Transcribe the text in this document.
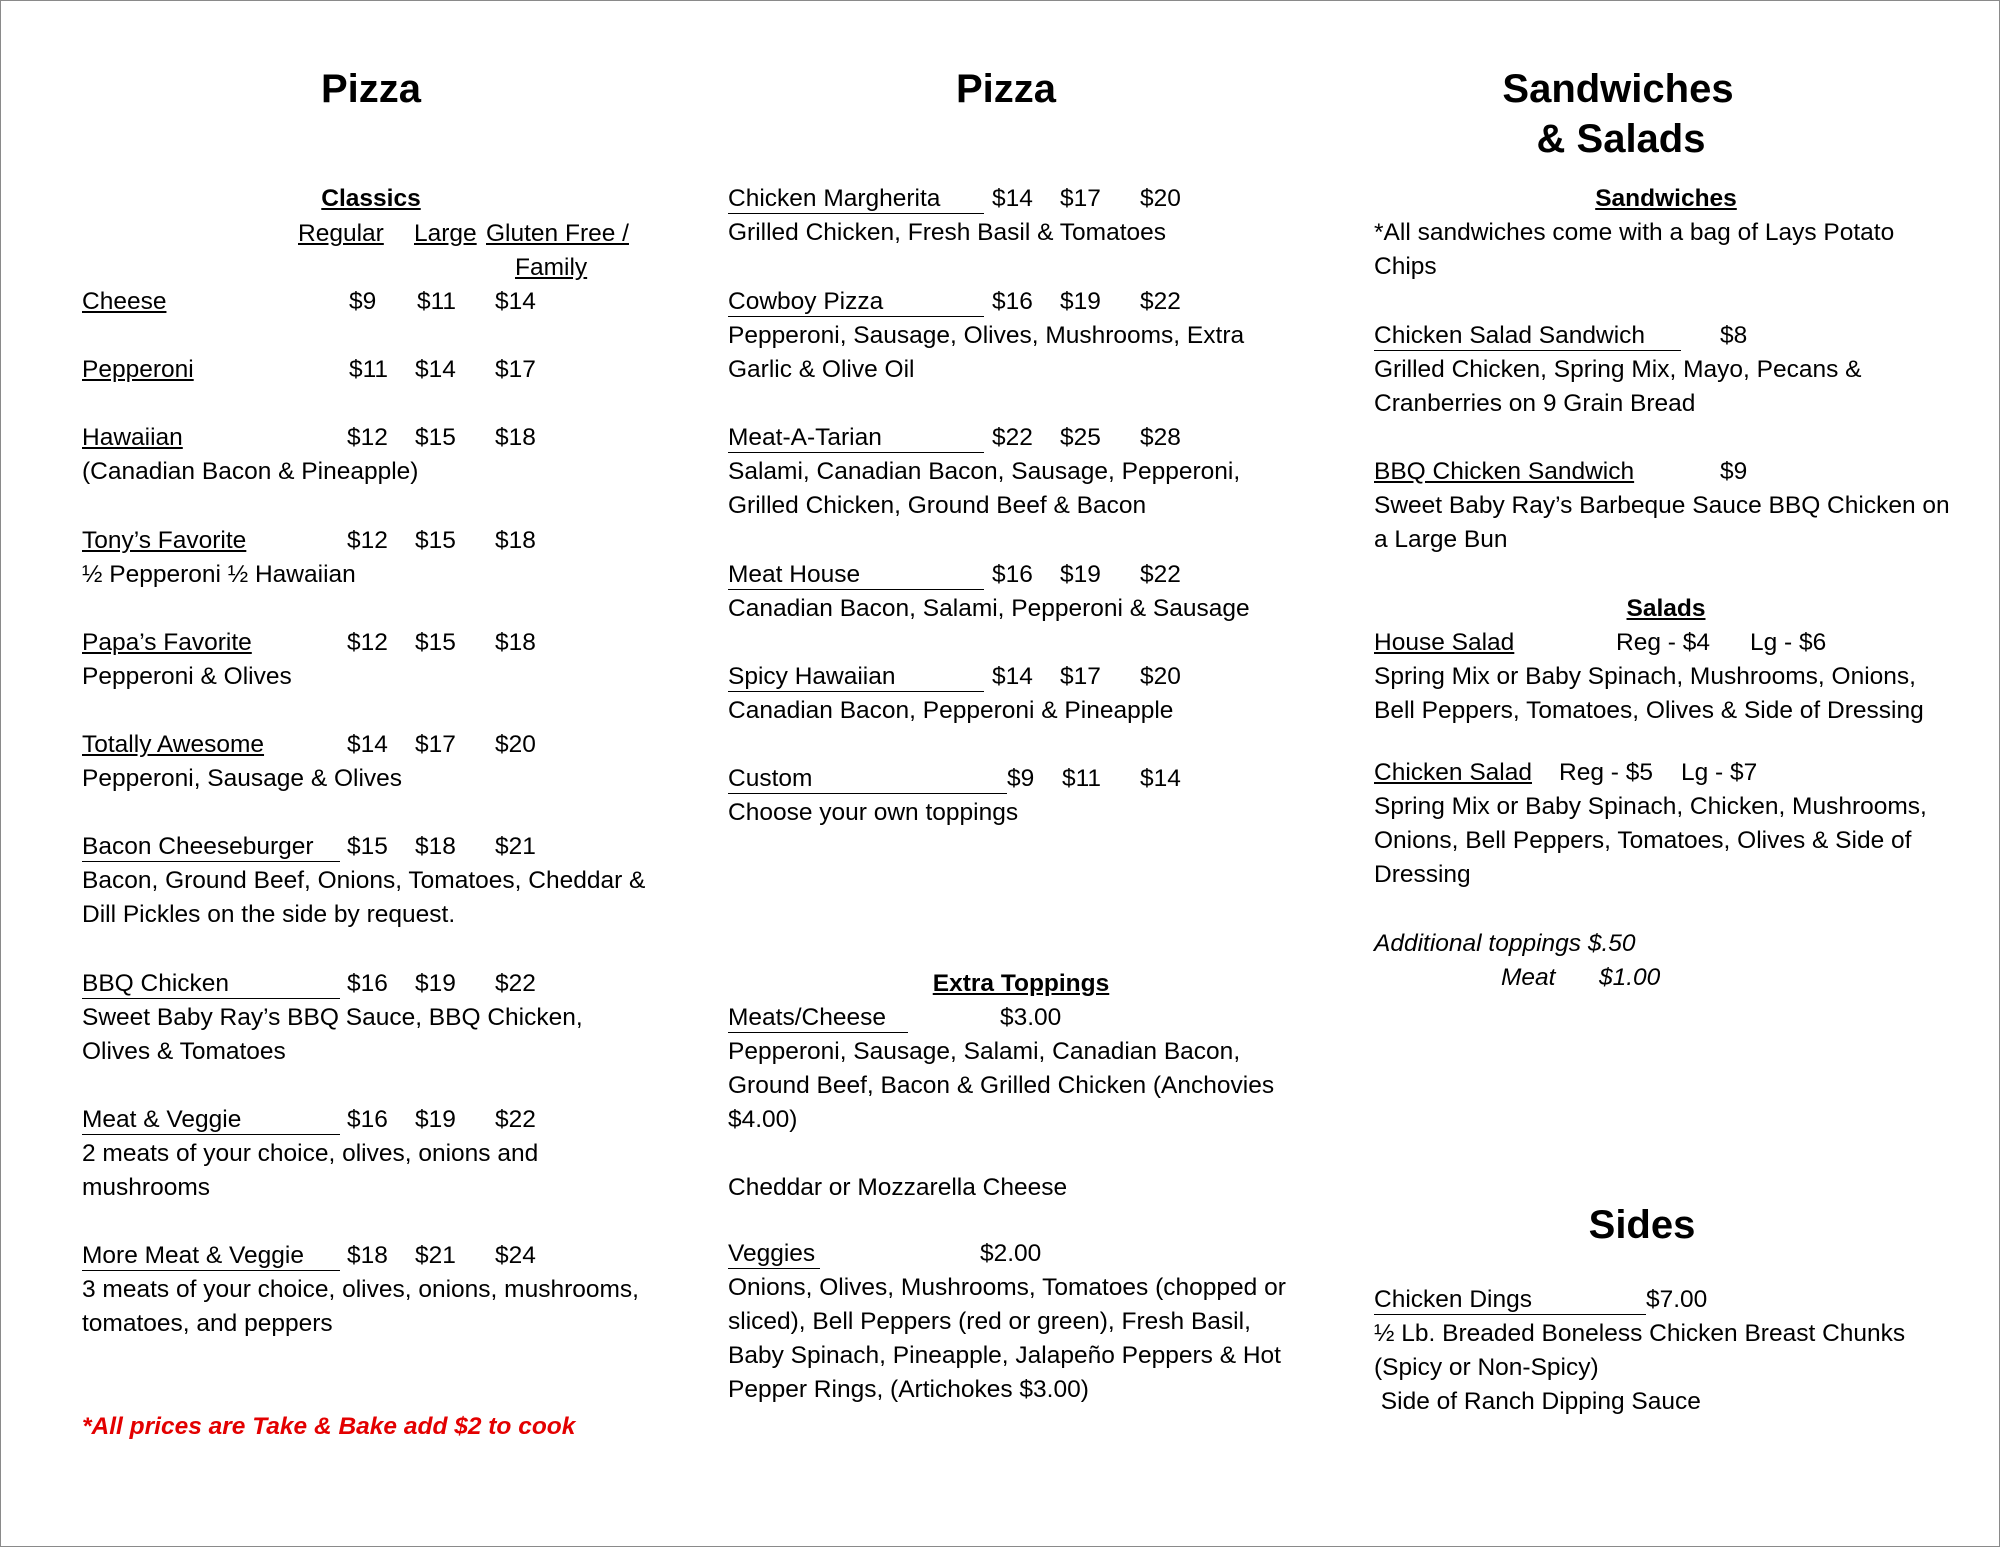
Pizza
Classics
Regular Large Gluten Free /
Family
Cheese	$9 $11 $14
Pepperoni	$11 $14 $17
Hawaiian	$12 $15 $18
(Canadian Bacon & Pineapple)
Tony’s Favorite	$12 $15 $18
½ Pepperoni ½ Hawaiian
Papa’s Favorite	$12 $15 $18
Pepperoni & Olives
Totally Awesome	$14 $17 $20
Pepperoni, Sausage & Olives
Bacon Cheeseburger	$15 $18 $21
Bacon, Ground Beef, Onions, Tomatoes, Cheddar & Dill Pickles on the side by request.
BBQ Chicken	$16 $19 $22
Sweet Baby Ray’s BBQ Sauce, BBQ Chicken, Olives & Tomatoes
Meat & Veggie	$16 $19 $22
2 meats of your choice, olives, onions and mushrooms
More Meat & Veggie	$18 $21 $24
3 meats of your choice, olives, onions, mushrooms, tomatoes, and peppers
*All prices are Take & Bake add $2 to cook
Pizza
Chicken Margherita	$14 $17 $20
Grilled Chicken, Fresh Basil & Tomatoes
Cowboy Pizza	$16 $19 $22
Pepperoni, Sausage, Olives, Mushrooms, Extra Garlic & Olive Oil
Meat-A-Tarian	$22 $25 $28
Salami, Canadian Bacon, Sausage, Pepperoni, Grilled Chicken, Ground Beef & Bacon
Meat House	$16 $19 $22
Canadian Bacon, Salami, Pepperoni & Sausage
Spicy Hawaiian	$14 $17 $20
Canadian Bacon, Pepperoni & Pineapple
Custom	$9 $11 $14
Choose your own toppings
Extra Toppings
Meats/Cheese	$3.00
Pepperoni, Sausage, Salami, Canadian Bacon, Ground Beef, Bacon & Grilled Chicken (Anchovies $4.00)
Cheddar or Mozzarella Cheese
Veggies	$2.00
Onions, Olives, Mushrooms, Tomatoes (chopped or sliced), Bell Peppers (red or green), Fresh Basil, Baby Spinach, Pineapple, Jalapeño Peppers & Hot Pepper Rings, (Artichokes $3.00)
Sandwiches
& Salads
Sandwiches
*All sandwiches come with a bag of Lays Potato Chips
Chicken Salad Sandwich	$8
Grilled Chicken, Spring Mix, Mayo, Pecans & Cranberries on 9 Grain Bread
BBQ Chicken Sandwich	$9
Sweet Baby Ray’s Barbeque Sauce BBQ Chicken on a Large Bun
Salads
House Salad	Reg - $4 Lg - $6
Spring Mix or Baby Spinach, Mushrooms, Onions, Bell Peppers, Tomatoes, Olives & Side of Dressing
Chicken Salad Reg - $5 Lg - $7
Spring Mix or Baby Spinach, Chicken, Mushrooms, Onions, Bell Peppers, Tomatoes, Olives & Side of Dressing
Additional toppings $.50
Meat $1.00
Sides
Chicken Dings	$7.00
½ Lb. Breaded Boneless Chicken Breast Chunks
(Spicy or Non-Spicy)
Side of Ranch Dipping Sauce
